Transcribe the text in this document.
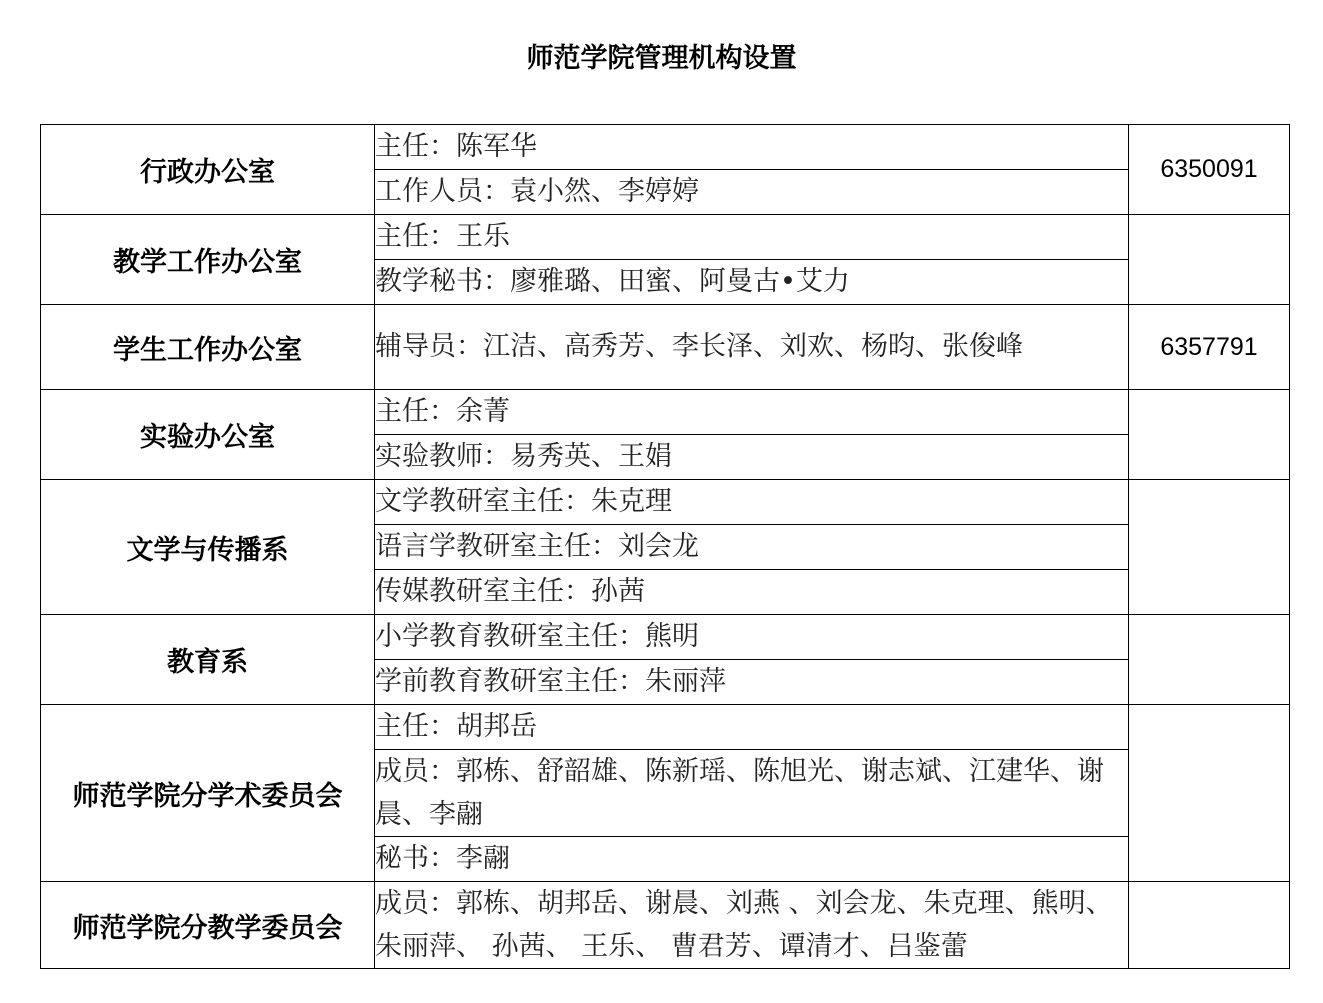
师范学院管理机构设置
行政办公室	主任：陈军华	6350091
	工作人员：袁小然、李婷婷	
教学工作办公室	主任：王乐	
	教学秘书：廖雅璐、田蜜、阿曼古•艾力	
学生工作办公室	辅导员：江洁、高秀芳、李长泽、刘欢、杨昀、张俊峰	6357791
实验办公室	主任：余菁	
	实验教师：易秀英、王娟	
文学与传播系	文学教研室主任：朱克理	
	语言学教研室主任：刘会龙	
	传媒教研室主任：孙茜	
教育系	小学教育教研室主任：熊明	
	学前教育教研室主任：朱丽萍	
师范学院分学术委员会	主任：胡邦岳	
	成员：郭栋、舒韶雄、陈新瑶、陈旭光、谢志斌、江建华、谢晨、李翮	
	秘书：李翮	
师范学院分教学委员会	成员：郭栋、胡邦岳、谢晨、刘燕 、刘会龙、朱克理、熊明、朱丽萍、 孙茜、 王乐、 曹君芳、谭清才、吕鉴蕾	
